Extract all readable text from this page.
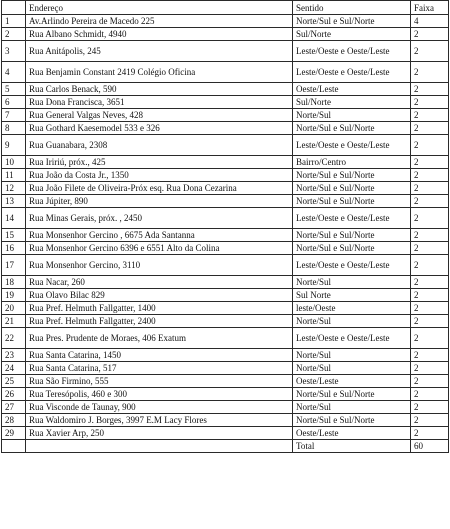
	Endereço	Sentido	Faixa
1	Av.Arlindo Pereira de Macedo 225	Norte/Sul e Sul/Norte	4
2	Rua Albano Schmidt, 4940	Sul/Norte	2
3	Rua Anitápolis, 245	Leste/Oeste e Oeste/Leste	2
4	Rua Benjamin Constant 2419 Colégio Oficina	Leste/Oeste e Oeste/Leste	2
5	Rua Carlos Benack, 590	Oeste/Leste	2
6	Rua Dona Francisca, 3651	Sul/Norte	2
7	Rua General Valgas Neves, 428	Norte/Sul	2
8	Rua Gothard Kaesemodel 533 e 326	Norte/Sul e Sul/Norte	2
9	Rua Guanabara, 2308	Leste/Oeste e Oeste/Leste	2
10	Rua Iririú, próx., 425	Bairro/Centro	2
11	Rua João da Costa Jr., 1350	Norte/Sul e Sul/Norte	2
12	Rua João Filete de Oliveira-Próx esq. Rua Dona Cezarina	Norte/Sul e Sul/Norte	2
13	Rua Júpiter, 890	Norte/Sul e Sul/Norte	2
14	Rua Minas Gerais, próx. , 2450	Leste/Oeste e Oeste/Leste	2
15	Rua Monsenhor Gercino , 6675 Ada Santanna	Norte/Sul e Sul/Norte	2
16	Rua Monsenhor Gercino 6396 e 6551 Alto da Colina	Norte/Sul e Sul/Norte	2
17	Rua Monsenhor Gercino, 3110	Leste/Oeste e Oeste/Leste	2
18	Rua Nacar, 260	Norte/Sul	2
19	Rua Olavo Bilac 829	Sul Norte	2
20	Rua Pref. Helmuth Fallgatter, 1400	leste/Oeste	2
21	Rua Pref. Helmuth Fallgatter, 2400	Norte/Sul	2
22	Rua Pres. Prudente de Moraes, 406 Exatum	Leste/Oeste e Oeste/Leste	2
23	Rua Santa Catarina, 1450	Norte/Sul	2
24	Rua Santa Catarina, 517	Norte/Sul	2
25	Rua São Firmino, 555	Oeste/Leste	2
26	Rua Teresópolis, 460 e 300	Norte/Sul e Sul/Norte	2
27	Rua Visconde de Taunay, 900	Norte/Sul	2
28	Rua Waldomiro J. Borges, 3997 E.M Lacy Flores	Norte/Sul e Sul/Norte	2
29	Rua Xavier Arp, 250	Oeste/Leste	2
		Total	60
